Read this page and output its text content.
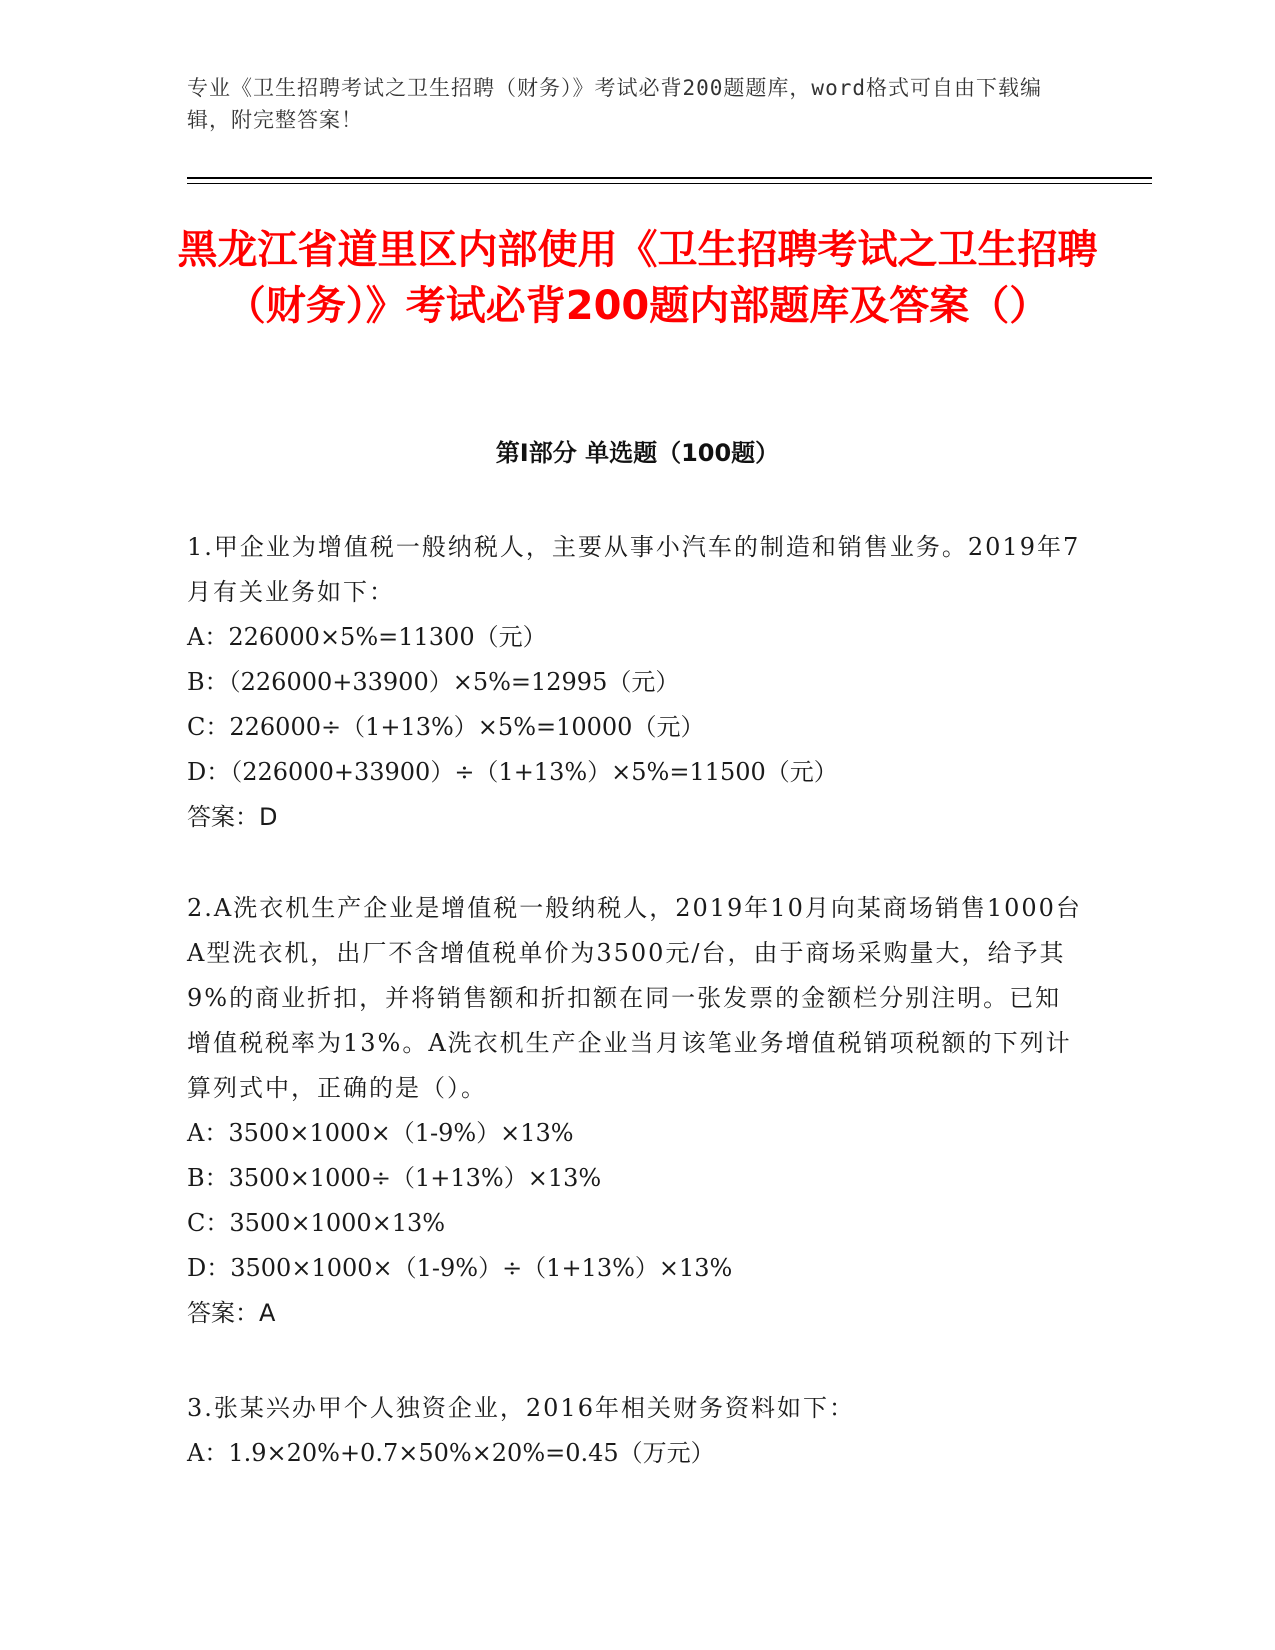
专业《卫生招聘考试之卫生招聘（财务）》考试必背200题题库，word格式可自由下载编辑，附完整答案！
黑龙江省道里区内部使用《卫生招聘考试之卫生招聘（财务）》考试必背200题内部题库及答案（）
第Ⅰ部分 单选题（100题）
1.甲企业为增值税一般纳税人，主要从事小汽车的制造和销售业务。2019年7月有关业务如下：
A：226000×5%=11300（元）
B：（226000+33900）×5%=12995（元）
C：226000÷（1+13%）×5%=10000（元）
D：（226000+33900）÷（1+13%）×5%=11500（元）
答案：D
2.A洗衣机生产企业是增值税一般纳税人，2019年10月向某商场销售1000台A型洗衣机，出厂不含增值税单价为3500元/台，由于商场采购量大，给予其9%的商业折扣，并将销售额和折扣额在同一张发票的金额栏分别注明。已知增值税税率为13%。A洗衣机生产企业当月该笔业务增值税销项税额的下列计算列式中，正确的是（）。
A：3500×1000×（1-9%）×13%
B：3500×1000÷（1+13%）×13%
C：3500×1000×13%
D：3500×1000×（1-9%）÷（1+13%）×13%
答案：A
3.张某兴办甲个人独资企业，2016年相关财务资料如下：
A：1.9×20%+0.7×50%×20%=0.45（万元）
